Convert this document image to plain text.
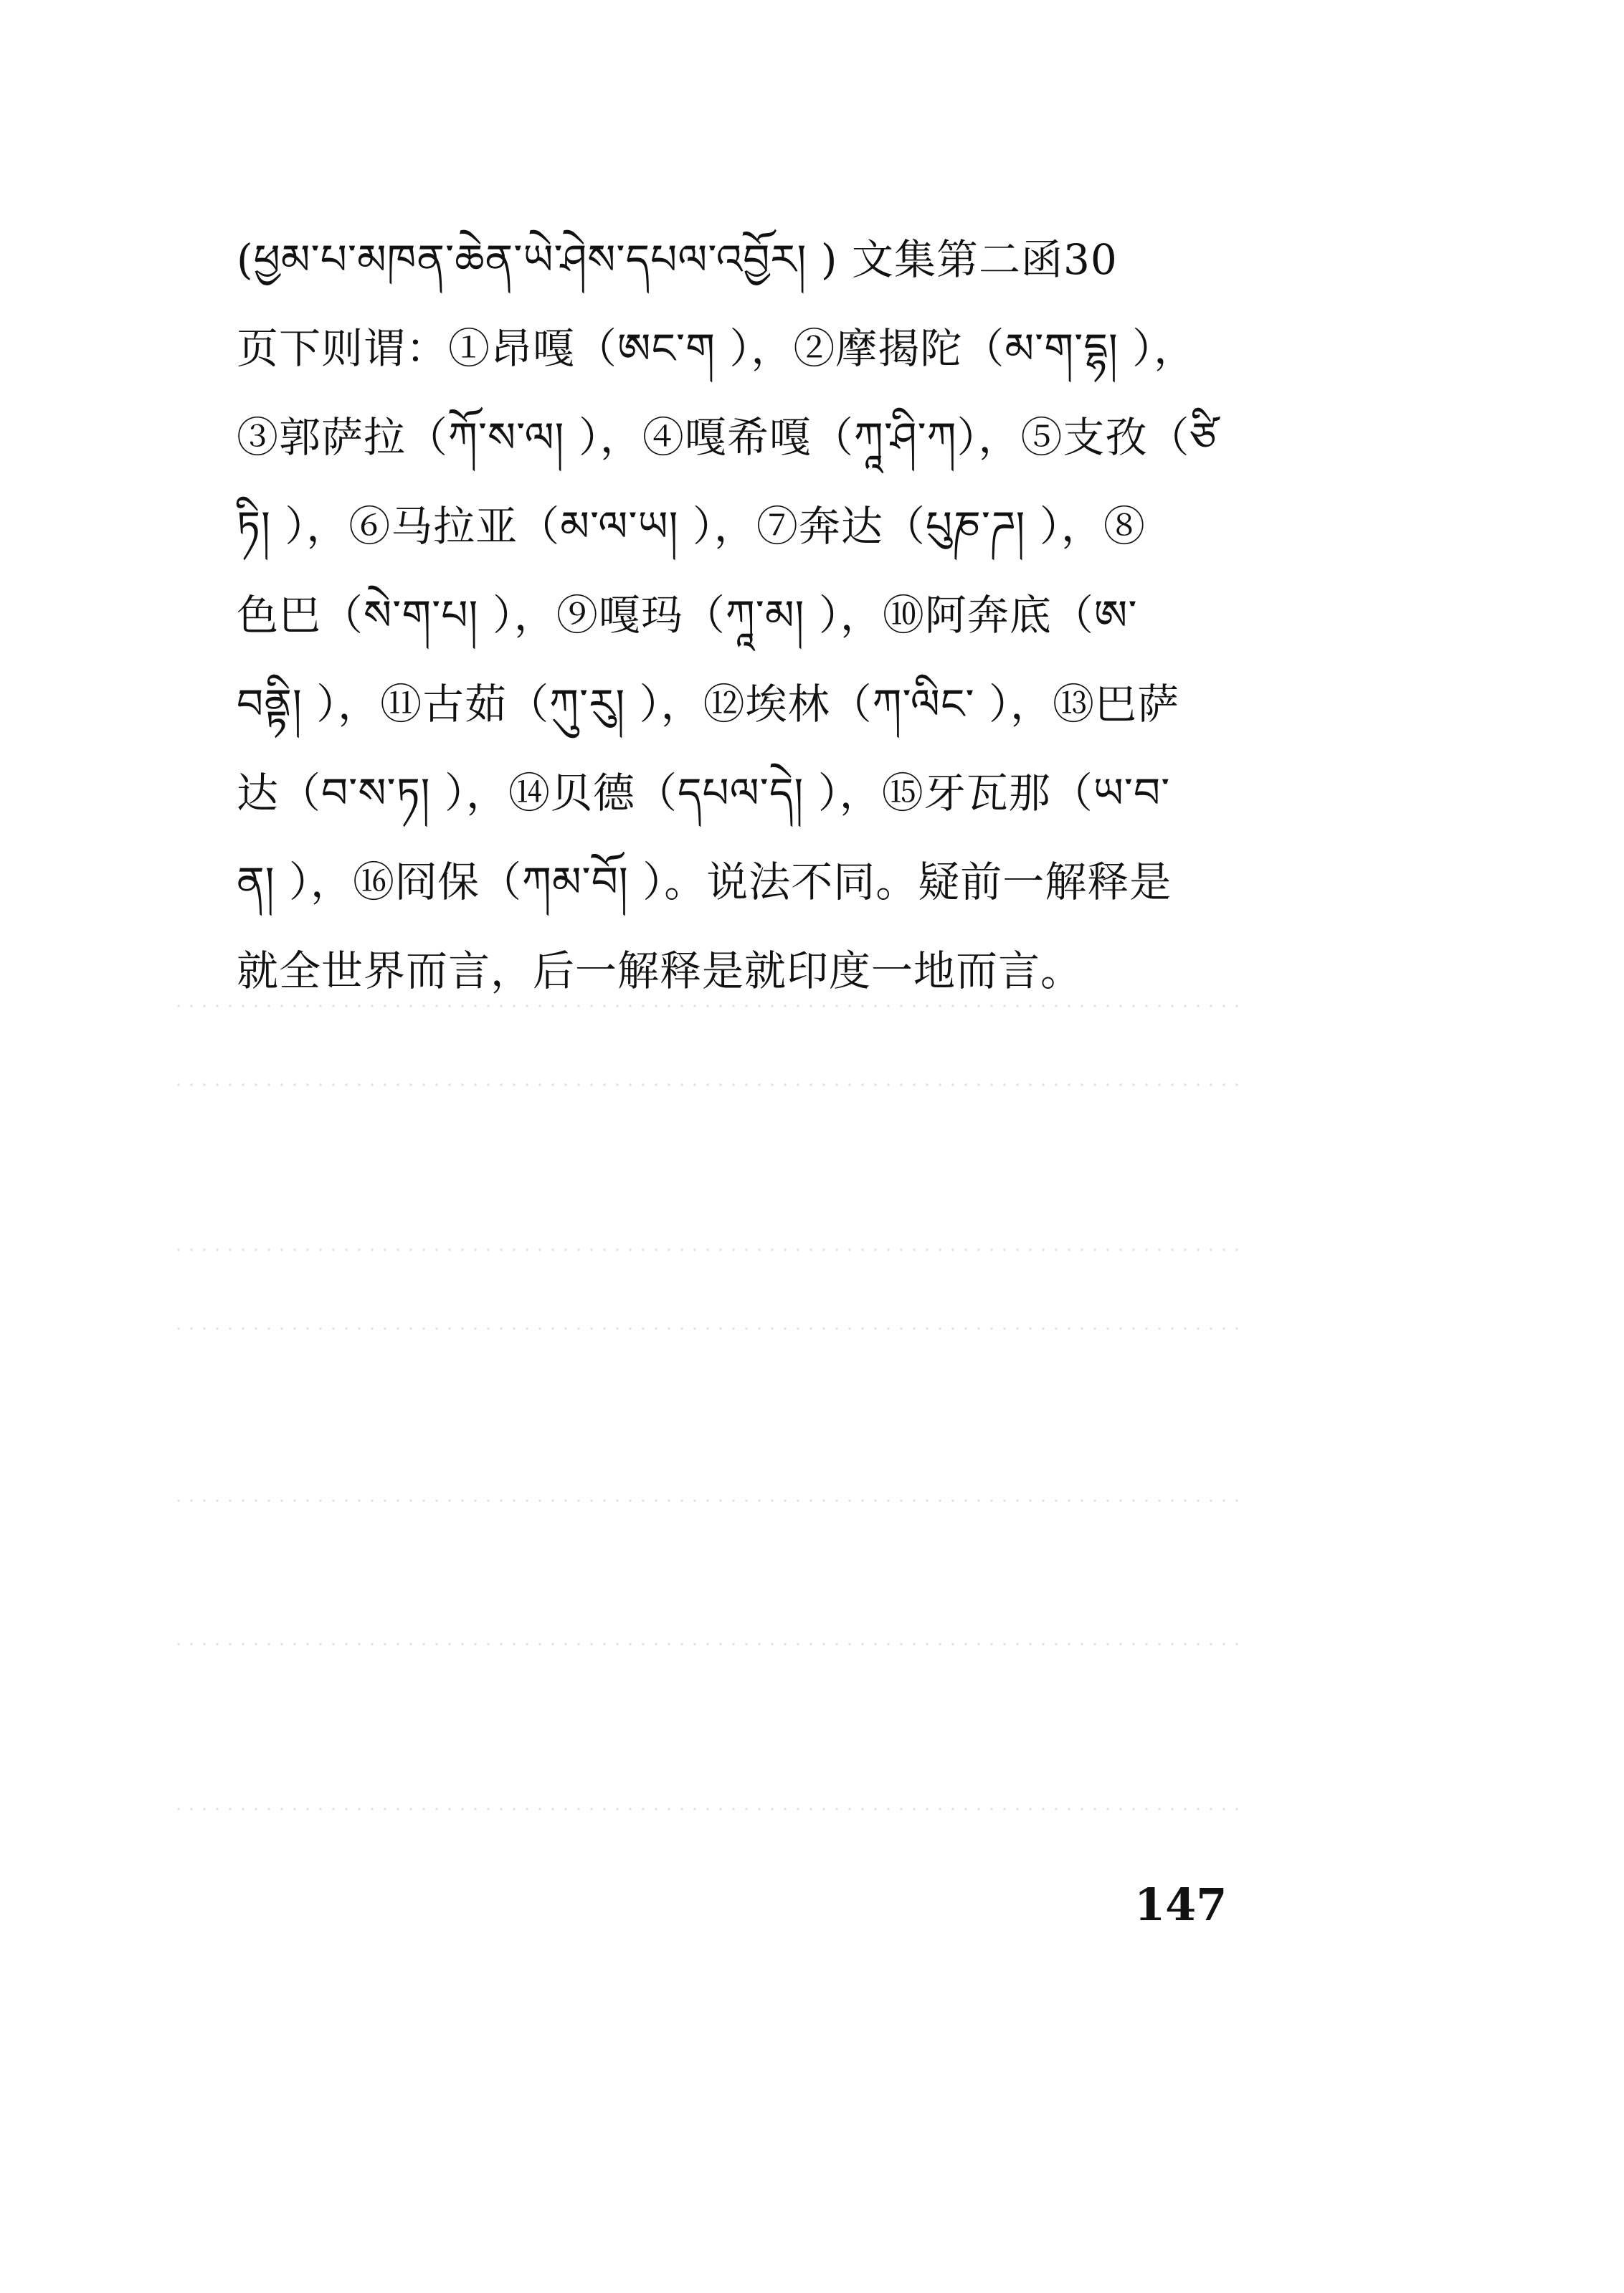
(ཕྱམ་པ་མཁན་ཆེན་ཡེ་ཤེས་དཔལ་འབྱོར། ) 文集第二函30
页下则谓：①昂嘎（ཨང་ག ），②摩揭陀（མ་ག་དྷ། ），
③郭萨拉（ཀོ་ས་ལ། ），④嘎希嘎（ཀཱ་ཤི་ཀ），⑤支孜（ཙི
ཏི། ），⑥马拉亚（མ་ལ་ཡ། ），⑦奔达（པུཎ་ཌ། ），⑧
色巴（སེ་ག་པ། ），⑨嘎玛（ཀཱ་མ། ），⑩阿奔底（ཨ་
བནྟི། ），⑪古茹（ཀུ་རུ། ），⑫埃林（ཀ་ལིང་ ），⑬巴萨
达（བ་ས་ཏ། ），⑭贝德（དཔལ་དེ། ），⑮牙瓦那（ཡ་བ་
ན། ），⑯冏保（ཀམ་བོ། ）。说法不同。疑前一解释是
就全世界而言，后一解释是就印度一地而言。
147
